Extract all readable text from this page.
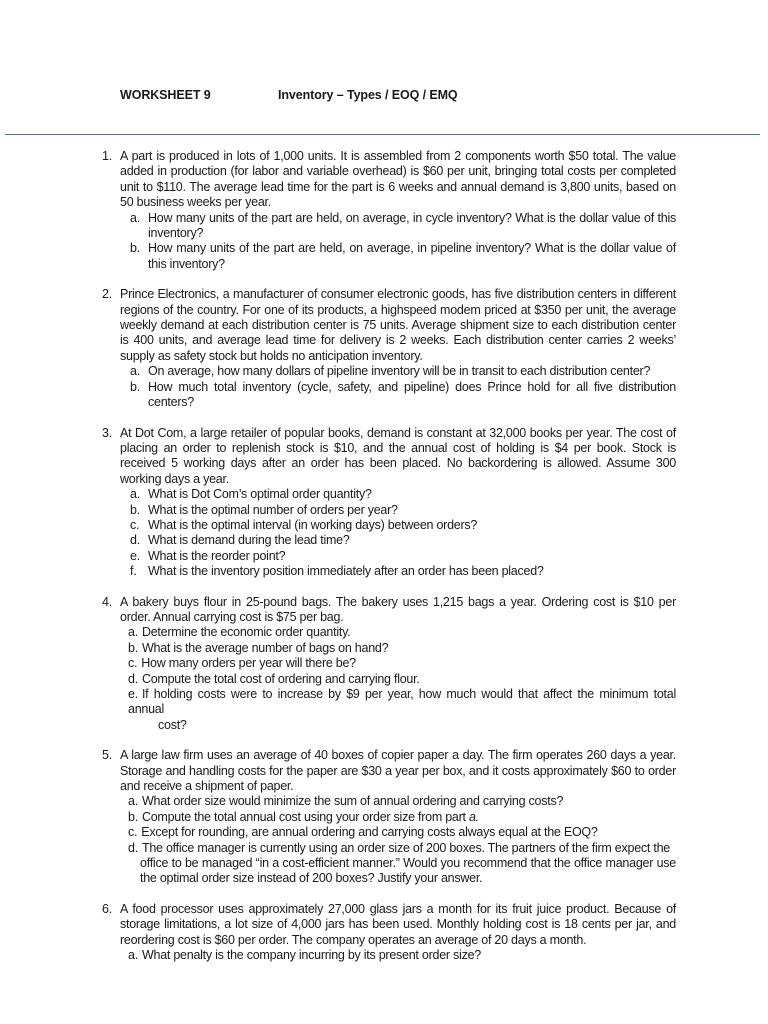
WORKSHEET 9	Inventory – Types / EOQ / EMQ
1. A part is produced in lots of 1,000 units. It is assembled from 2 components worth $50 total. The value added in production (for labor and variable overhead) is $60 per unit, bringing total costs per completed unit to $110. The average lead time for the part is 6 weeks and annual demand is 3,800 units, based on 50 business weeks per year.
a. How many units of the part are held, on average, in cycle inventory? What is the dollar value of this inventory?
b. How many units of the part are held, on average, in pipeline inventory? What is the dollar value of this inventory?
2. Prince Electronics, a manufacturer of consumer electronic goods, has five distribution centers in different regions of the country. For one of its products, a highspeed modem priced at $350 per unit, the average weekly demand at each distribution center is 75 units. Average shipment size to each distribution center is 400 units, and average lead time for delivery is 2 weeks. Each distribution center carries 2 weeks’ supply as safety stock but holds no anticipation inventory.
a. On average, how many dollars of pipeline inventory will be in transit to each distribution center?
b. How much total inventory (cycle, safety, and pipeline) does Prince hold for all five distribution centers?
3. At Dot Com, a large retailer of popular books, demand is constant at 32,000 books per year. The cost of placing an order to replenish stock is $10, and the annual cost of holding is $4 per book. Stock is received 5 working days after an order has been placed. No backordering is allowed. Assume 300 working days a year.
a. What is Dot Com’s optimal order quantity?
b. What is the optimal number of orders per year?
c. What is the optimal interval (in working days) between orders?
d. What is demand during the lead time?
e. What is the reorder point?
f. What is the inventory position immediately after an order has been placed?
4. A bakery buys flour in 25-pound bags. The bakery uses 1,215 bags a year. Ordering cost is $10 per order. Annual carrying cost is $75 per bag.
a. Determine the economic order quantity.
b. What is the average number of bags on hand?
c. How many orders per year will there be?
d. Compute the total cost of ordering and carrying flour.
e. If holding costs were to increase by $9 per year, how much would that affect the minimum total annual
cost?
5. A large law firm uses an average of 40 boxes of copier paper a day. The firm operates 260 days a year. Storage and handling costs for the paper are $30 a year per box, and it costs approximately $60 to order and receive a shipment of paper.
a. What order size would minimize the sum of annual ordering and carrying costs?
b. Compute the total annual cost using your order size from part a.
c. Except for rounding, are annual ordering and carrying costs always equal at the EOQ?
d. The office manager is currently using an order size of 200 boxes. The partners of the firm expect the
office to be managed “in a cost-efficient manner.” Would you recommend that the office manager use the optimal order size instead of 200 boxes? Justify your answer.
6. A food processor uses approximately 27,000 glass jars a month for its fruit juice product. Because of storage limitations, a lot size of 4,000 jars has been used. Monthly holding cost is 18 cents per jar, and reordering cost is $60 per order. The company operates an average of 20 days a month.
a. What penalty is the company incurring by its present order size?
